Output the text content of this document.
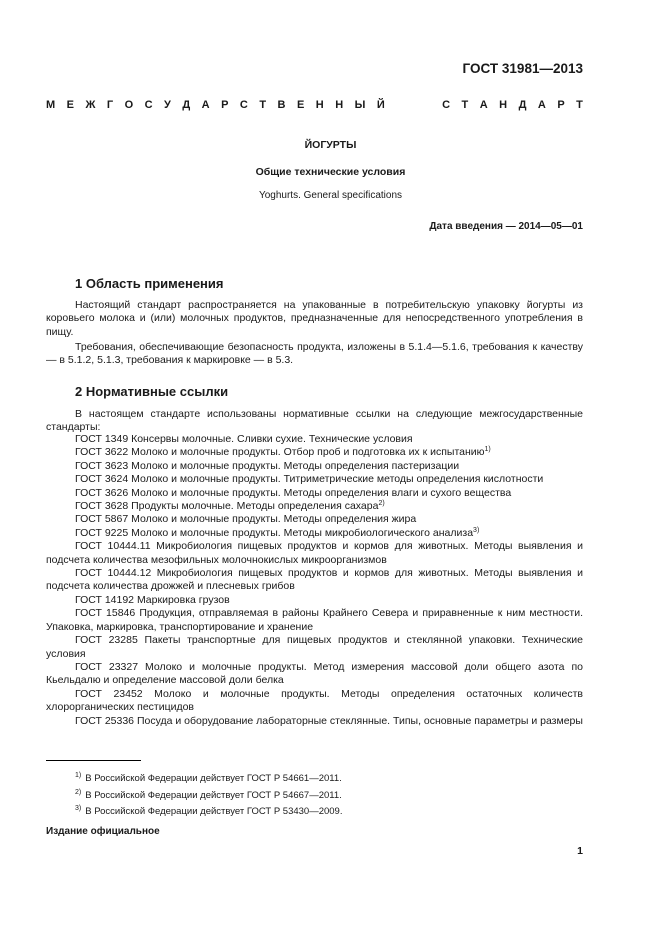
ГОСТ 31981—2013
М Е Ж Г О С У Д А Р С Т В Е Н Н Ы Й	С Т А Н Д А Р Т
ЙОГУРТЫ
Общие технические условия
Yoghurts. General specifications
Дата введения — 2014—05—01
1 Область применения
Настоящий стандарт распространяется на упакованные в потребительскую упаковку йогурты из коровьего молока и (или) молочных продуктов, предназначенные для непосредственного употребления в пищу.
Требования, обеспечивающие безопасность продукта, изложены в 5.1.4—5.1.6, требования к качеству — в 5.1.2, 5.1.3, требования к маркировке — в 5.3.
2 Нормативные ссылки
В настоящем стандарте использованы нормативные ссылки на следующие межгосударственные стандарты:

ГОСТ 1349 Консервы молочные. Сливки сухие. Технические условия

ГОСТ 3622 Молоко и молочные продукты. Отбор проб и подготовка их к испытанию$^{1)}$

ГОСТ 3623 Молоко и молочные продукты. Методы определения пастеризации

ГОСТ 3624 Молоко и молочные продукты. Титриметрические методы определения кислотности

ГОСТ 3626 Молоко и молочные продукты. Методы определения влаги и сухого вещества

ГОСТ 3628 Продукты молочные. Методы определения сахара$^{2)}$

ГОСТ 5867 Молоко и молочные продукты. Методы определения жира

ГОСТ 9225 Молоко и молочные продукты. Методы микробиологического анализа$^{3)}$

ГОСТ 10444.11 Микробиология пищевых продуктов и кормов для животных. Методы выявления и подсчета количества мезофильных молочнокислых микроорганизмов

ГОСТ 10444.12 Микробиология пищевых продуктов и кормов для животных. Методы выявления и подсчета количества дрожжей и плесневых грибов

ГОСТ 14192 Маркировка грузов

ГОСТ 15846 Продукция, отправляемая в районы Крайнего Севера и приравненные к ним местности. Упаковка, маркировка, транспортирование и хранение

ГОСТ 23285 Пакеты транспортные для пищевых продуктов и стеклянной упаковки. Технические условия

ГОСТ 23327 Молоко и молочные продукты. Метод измерения массовой доли общего азота по Кьельдалю и определение массовой доли белка

ГОСТ 23452 Молоко и молочные продукты. Методы определения остаточных количеств хлорорганических пестицидов

ГОСТ 25336 Посуда и оборудование лабораторные стеклянные. Типы, основные параметры и размеры

$^{1)}$ В Российской Федерации действует ГОСТ Р 54661—2011.
$^{2)}$ В Российской Федерации действует ГОСТ Р 54667—2011.
$^{3)}$ В Российской Федерации действует ГОСТ Р 53430—2009.
Издание официальное
1
